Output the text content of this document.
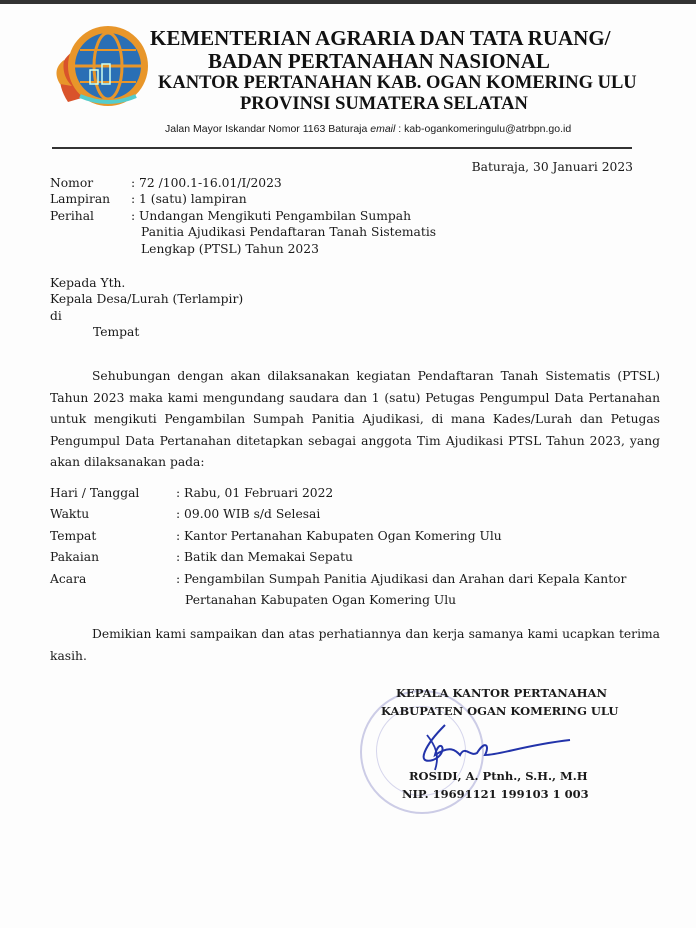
KEMENTERIAN AGRARIA DAN TATA RUANG/
BADAN PERTANAHAN NASIONAL
KANTOR PERTANAHAN KAB. OGAN KOMERING ULU
PROVINSI SUMATERA SELATAN
Jalan Mayor Iskandar Nomor 1163 Baturaja email : kab-ogankomeringulu@atrbpn.go.id
Baturaja, 30 Januari 2023
Nomor	: 72 /100.1-16.01/I/2023
Lampiran : 1 (satu) lampiran
Perihal	: Undangan Mengikuti Pengambilan Sumpah
Panitia Ajudikasi Pendaftaran Tanah Sistematis
Lengkap (PTSL) Tahun 2023
Kepada Yth.
Kepala Desa/Lurah (Terlampir)
di
Tempat
Sehubungan dengan akan dilaksanakan kegiatan Pendaftaran Tanah Sistematis (PTSL) Tahun 2023 maka kami mengundang saudara dan 1 (satu) Petugas Pengumpul Data Pertanahan untuk mengikuti Pengambilan Sumpah Panitia Ajudikasi, di mana Kades/Lurah dan Petugas Pengumpul Data Pertanahan ditetapkan sebagai anggota Tim Ajudikasi PTSL Tahun 2023, yang akan dilaksanakan pada:
Hari / Tanggal	: Rabu, 01 Februari 2022
Waktu	: 09.00 WIB s/d Selesai
Tempat	: Kantor Pertanahan Kabupaten Ogan Komering Ulu
Pakaian	: Batik dan Memakai Sepatu
Acara	: Pengambilan Sumpah Panitia Ajudikasi dan Arahan dari Kepala Kantor
Pertanahan Kabupaten Ogan Komering Ulu
Demikian kami sampaikan dan atas perhatiannya dan kerja samanya kami ucapkan terima kasih.
KEPALA KANTOR PERTANAHAN
KABUPATEN OGAN KOMERING ULU
ROSIDI, A. Ptnh., S.H., M.H
NIP. 19691121 199103 1 003
